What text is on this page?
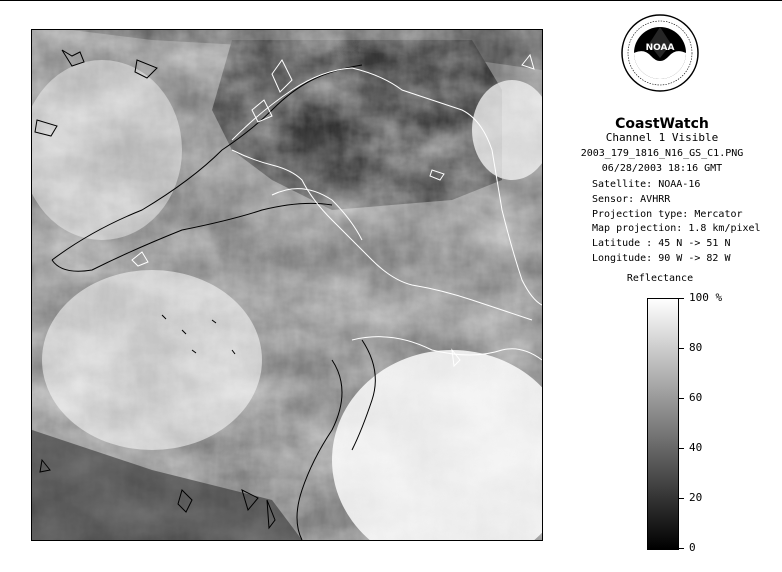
NOAA
CoastWatch
Channel 1 Visible
2003_179_1816_N16_GS_C1.PNG
06/28/2003 18:16 GMT
Satellite: NOAA-16
Sensor: AVHRR
Projection type: Mercator
Map projection: 1.8 km/pixel
Latitude : 45 N -> 51 N
Longitude: 90 W -> 82 W
Reflectance
100 %
80
60
40
20
0
